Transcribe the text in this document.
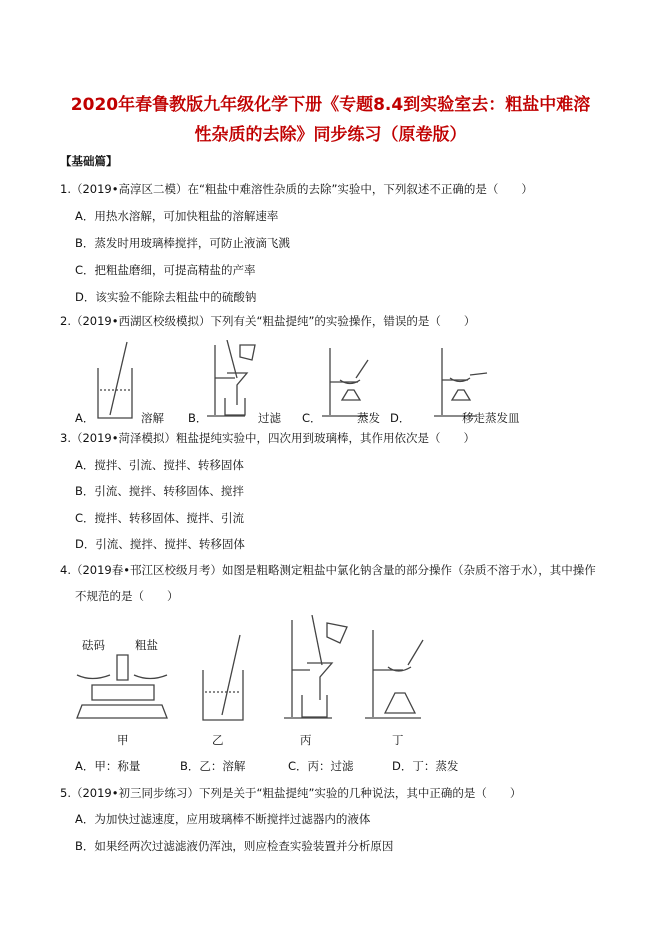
2020年春鲁教版九年级化学下册《专题8.4到实验室去：粗盐中难溶
性杂质的去除》同步练习（原卷版）
【基础篇】
1.（2019•高淳区二模）在“粗盐中难溶性杂质的去除”实验中，下列叙述不正确的是（　　）
A．用热水溶解，可加快粗盐的溶解速率
B．蒸发时用玻璃棒搅拌，可防止液滴飞溅
C．把粗盐磨细，可提高精盐的产率
D．该实验不能除去粗盐中的硫酸钠
2.（2019•西湖区校级模拟）下列有关“粗盐提纯”的实验操作，错误的是（　　）
A．	溶解 B．	过滤 C．	蒸发 D．	移走蒸发皿
3.（2019•菏泽模拟）粗盐提纯实验中，四次用到玻璃棒，其作用依次是（　　）
A．搅拌、引流、搅拌、转移固体
B．引流、搅拌、转移固体、搅拌
C．搅拌、转移固体、搅拌、引流
D．引流、搅拌、搅拌、转移固体
4.（2019春•邗江区校级月考）如图是粗略测定粗盐中氯化钠含量的部分操作（杂质不溶于水），其中操作
不规范的是（　　）
砝码	粗盐
甲	乙	丙	丁
A．甲：称量	B．乙：溶解	C．丙：过滤	D．丁：蒸发
5.（2019•初三同步练习）下列是关于“粗盐提纯”实验的几种说法，其中正确的是（　　）
A．为加快过滤速度，应用玻璃棒不断搅拌过滤器内的液体
B．如果经两次过滤滤液仍浑浊，则应检查实验装置并分析原因
